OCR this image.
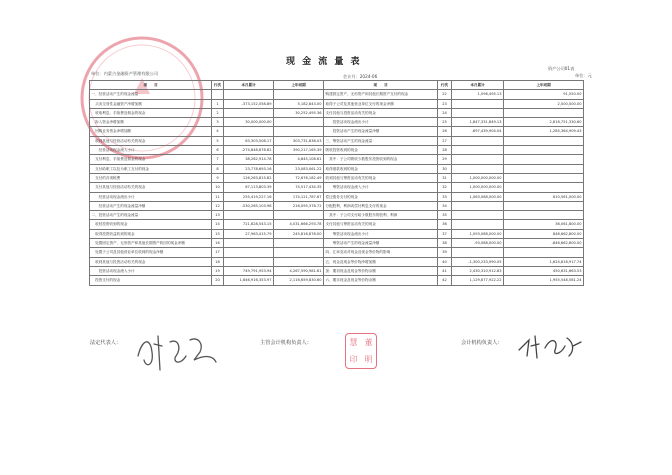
现 金 流 量 表
资产公司01表
单位：元
单位：内蒙古金融资产管理有限公司
会计月：2024-06
项　　目	行次	本月累计	上年同期	项　　目	行次	本月累计	上年同期
一、经营活动产生的现金流量：				购建固定资产、无形资产和其他长期资产支付的现金	22	1,096,495.13	91,550.00
　买卖交易性金融资产净增加额	1	-373,152,058.89	5,182,843.00	取得子公司及其他营业单位支付的现金净额	23		2,000,000.00
　收取利息、手续费及佣金的现金	2		30,252,495.36	支付其他与投资活动有关的现金	24		
　拆入资金净增加额	3	30,000,000.00		　　投资活动现金流出小计	25	1,847,331,849.13	2,816,751,330.60
　回购业务资金净增加额	4			　　投资活动产生的现金流量净额	26	-697,439,904.04	1,285,364,909.43
　收到其他与经营活动有关的现金	5	63,303,508.17	303,731,838.03	三、筹资活动产生的现金流量：	27		
　　经营活动现金流入小计	6	-274,848,876.82	390,217,165.39	吸收投资收到的现金	28		
　支付利息、手续费及佣金的现金	7	38,262,914.78	4,845,108.61	　其中：子公司吸收少数股东投资收到的现金	29		
　支付给职工以及为职工支付的现金	8	23,778,693.16	23,083,061.22	取得借款收到的现金	30		
　支付的各项税费	9	126,263,815.82	72,676,182.49	收到其他与筹资活动有关的现金	31	1,000,000,000.00	
　支付其他与经营活动有关的现金	10	67,113,803.39	74,517,434.35	　　筹资活动现金流入小计	32	1,000,000,000.00	
　　经营活动现金流出小计	11	255,419,227.16	174,121,787.67	偿还债务支付的现金	33	1,063,088,000.00	610,561,000.00
　　经营活动产生的现金流量净额	12	-530,265,103.98	216,095,378.72	分配股利、利润或偿付利息支付的现金	34		
二、投资活动产生的现金流量：	13			　其中：子公司支付给少数股东的股利、利润	35		
　收回投资收到的现金	14	721,828,543.15	4,031,666,293.78	支付其他与筹资活动有关的现金	36		36,061,800.00
　取得投资收益收到的现金	15	27,963,415.79	245,816,876.00	　　筹资活动现金流出小计	37	1,093,088,000.00	846,662,800.00
　处置固定资产、无形资产和其他长期资产收回的现金净额	16			　　筹资活动产生的现金流量净额	38	-93,088,000.00	-846,662,800.00
　处置子公司及其他营业单位收到的现金净额	17			四、汇率变动对现金及现金等价物的影响	39		
　收到其他与投资活动有关的现金	18			五、现金及现金等价物净增加额	40	-1,300,233,990.05	1,624,816,917.74
　　投资活动现金流入小计	19	749,791,953.94	4,267,590,981.61	加：期初现金及现金等价物余额	41	2,430,310,912.83	450,631,663.53
　投资支付的现金	20	1,846,916,353.97	2,116,659,830.60	六、期末现金及现金等价物余额	42	1,129,877,922.22	1,955,548,581.24
法定代表人：	主管会计机构负责人：	会计机构负责人：
慧 董
印 明
